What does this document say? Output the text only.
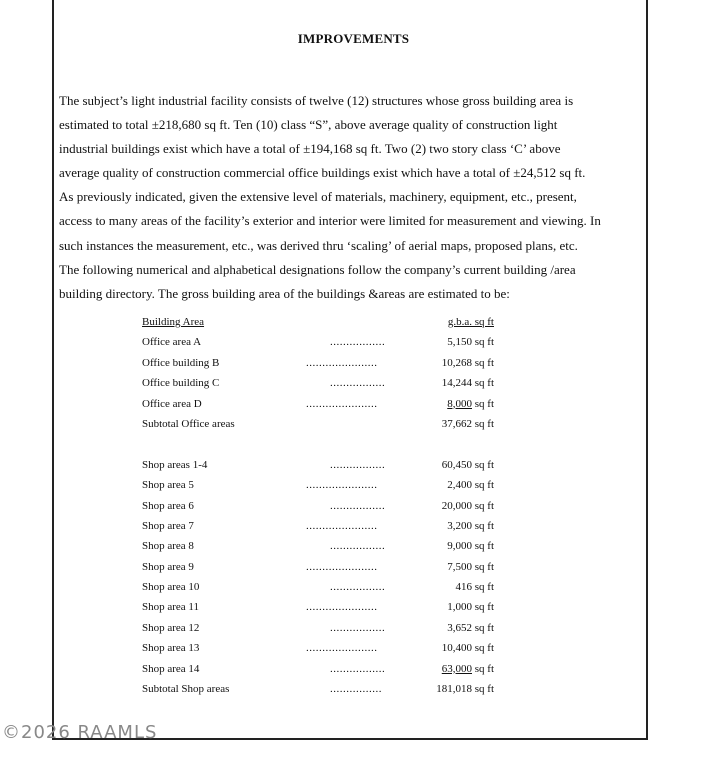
IMPROVEMENTS
The subject’s light industrial facility consists of twelve (12) structures whose gross building area is
estimated to total ±218,680 sq ft. Ten (10) class “S”, above average quality of construction light
industrial buildings exist which have a total of ±194,168 sq ft. Two (2) two story class ‘C’ above
average quality of construction commercial office buildings exist which have a total of ±24,512 sq ft.
As previously indicated, given the extensive level of materials, machinery, equipment, etc., present,
access to many areas of the facility’s exterior and interior were limited for measurement and viewing. In
such instances the measurement, etc., was derived thru ‘scaling’ of aerial maps, proposed plans, etc.
The following numerical and alphabetical designations follow the company’s current building /area
building directory. The gross building area of the buildings &areas are estimated to be:
Building Area	g.b.a. sq ft
Office area A	.................	5,150 sq ft
Office building B	......................	10,268 sq ft
Office building C	.................	14,244 sq ft
Office area D	......................	8,000 sq ft
Subtotal Office areas	37,662 sq ft
Shop areas 1-4	.................	60,450 sq ft
Shop area 5	......................	2,400 sq ft
Shop area 6	.................	20,000 sq ft
Shop area 7	......................	3,200 sq ft
Shop area 8	.................	9,000 sq ft
Shop area 9	......................	7,500 sq ft
Shop area 10	.................	416 sq ft
Shop area 11	......................	1,000 sq ft
Shop area 12	.................	3,652 sq ft
Shop area 13	......................	10,400 sq ft
Shop area 14	.................	63,000 sq ft
Subtotal Shop areas	................	181,018 sq ft
©2026 RAAMLS
